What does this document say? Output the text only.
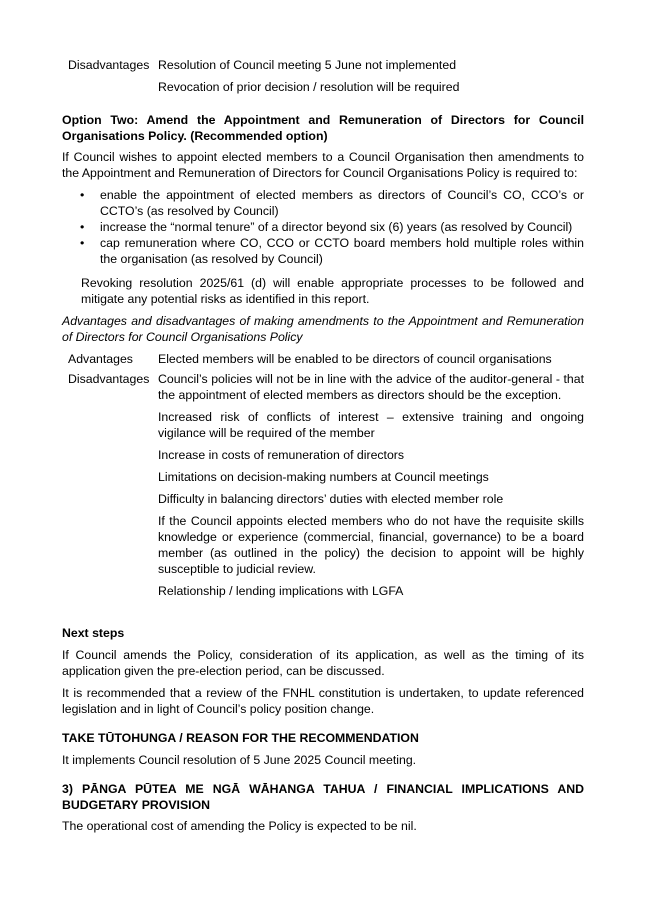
Disadvantages Resolution of Council meeting 5 June not implemented

Revocation of prior decision / resolution will be required

Option Two: Amend the Appointment and Remuneration of Directors for Council Organisations Policy. (Recommended option)

If Council wishes to appoint elected members to a Council Organisation then amendments to the Appointment and Remuneration of Directors for Council Organisations Policy is required to:

• enable the appointment of elected members as directors of Council’s CO, CCO’s or CCTO’s (as resolved by Council)
• increase the “normal tenure” of a director beyond six (6) years (as resolved by Council)
• cap remuneration where CO, CCO or CCTO board members hold multiple roles within the organisation (as resolved by Council)

Revoking resolution 2025/61 (d) will enable appropriate processes to be followed and mitigate any potential risks as identified in this report.

Advantages and disadvantages of making amendments to the Appointment and Remuneration of Directors for Council Organisations Policy

Advantages	Elected members will be enabled to be directors of council organisations
Disadvantages Council’s policies will not be in line with the advice of the auditor-general - that the appointment of elected members as directors should be the exception.

Increased risk of conflicts of interest – extensive training and ongoing vigilance will be required of the member

Increase in costs of remuneration of directors

Limitations on decision-making numbers at Council meetings

Difficulty in balancing directors’ duties with elected member role

If the Council appoints elected members who do not have the requisite skills knowledge or experience (commercial, financial, governance) to be a board member (as outlined in the policy) the decision to appoint will be highly susceptible to judicial review.

Relationship / lending implications with LGFA

Next steps

If Council amends the Policy, consideration of its application, as well as the timing of its application given the pre-election period, can be discussed.

It is recommended that a review of the FNHL constitution is undertaken, to update referenced legislation and in light of Council’s policy position change.

TAKE TŪTOHUNGA / REASON FOR THE RECOMMENDATION

It implements Council resolution of 5 June 2025 Council meeting.

3) PĀNGA PŪTEA ME NGĀ WĀHANGA TAHUA / FINANCIAL IMPLICATIONS AND BUDGETARY PROVISION

The operational cost of amending the Policy is expected to be nil.
